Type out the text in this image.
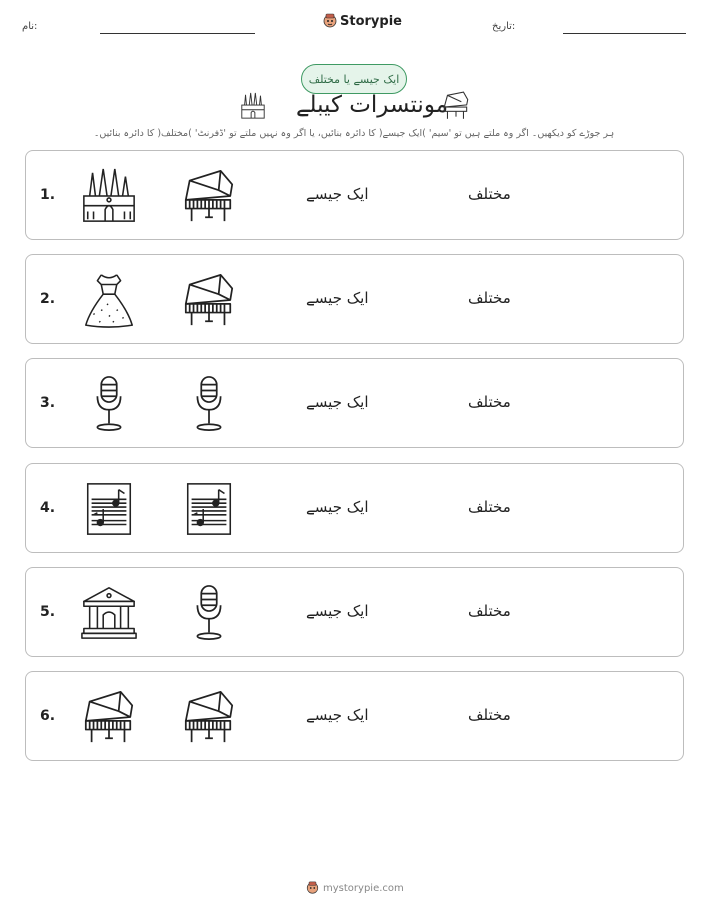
نام:	Storypie	تاریخ:
ایک جیسے یا مختلف
مونتسرات کیبلے
ہر جوڑے کو دیکھیں۔ اگر وہ ملتے ہیں تو 'سیم' )ایک جیسے( کا دائرہ بنائیں، یا اگر وہ نہیں ملتے تو 'ڈفرنٹ' )مختلف( کا دائرہ بنائیں۔
1.	ایک جیسے	مختلف
2.	ایک جیسے	مختلف
3.	ایک جیسے	مختلف
4.	ایک جیسے	مختلف
5.	ایک جیسے	مختلف
6.	ایک جیسے	مختلف
mystorypie.com
